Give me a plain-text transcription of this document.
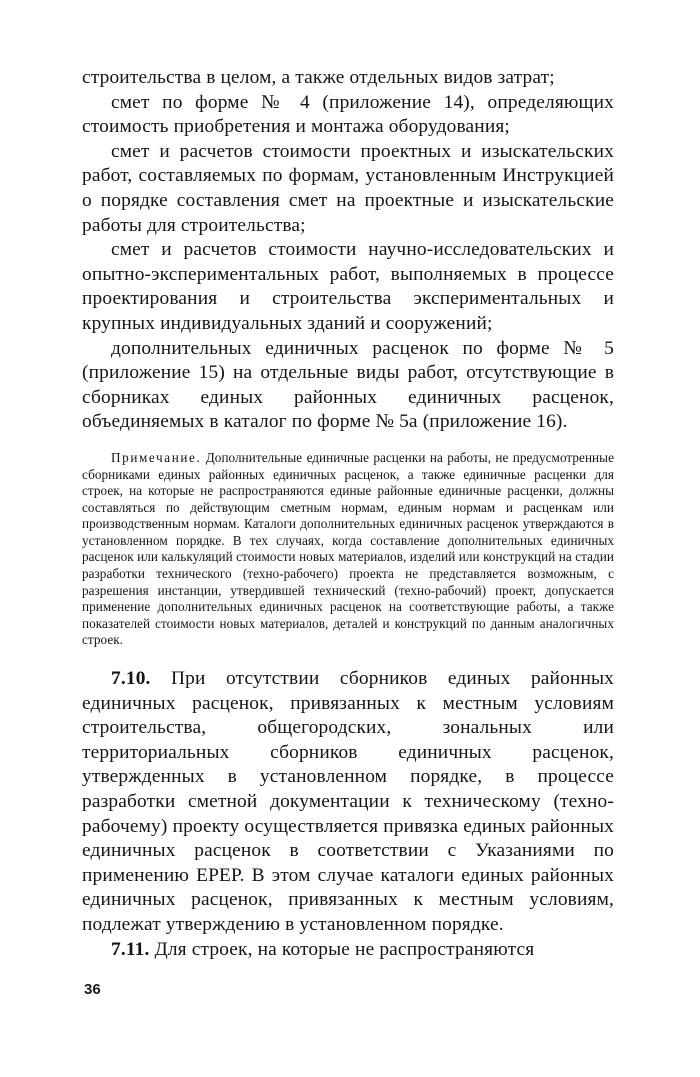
строительства в целом, а также отдельных видов затрат;

смет по форме № 4 (приложение 14), определяющих стоимость приобретения и монтажа оборудования;

смет и расчетов стоимости проектных и изыскательских работ, составляемых по формам, установленным Инструкцией о порядке составления смет на проектные и изыскательские работы для строительства;

смет и расчетов стоимости научно-исследовательских и опытно-экспериментальных работ, выполняемых в процессе проектирования и строительства экспериментальных и крупных индивидуальных зданий и сооружений;

дополнительных единичных расценок по форме № 5 (приложение 15) на отдельные виды работ, отсутствующие в сборниках единых районных единичных расценок, объединяемых в каталог по форме № 5а (приложение 16).

Примечание. Дополнительные единичные расценки на работы, не предусмотренные сборниками единых районных единичных расценок, а также единичные расценки для строек, на которые не распространяются единые районные единичные расценки, должны составляться по действующим сметным нормам, единым нормам и расценкам или производственным нормам. Каталоги дополнительных единичных расценок утверждаются в установленном порядке. В тех случаях, когда составление дополнительных единичных расценок или калькуляций стоимости новых материалов, изделий или конструкций на стадии разработки технического (техно-рабочего) проекта не представляется возможным, с разрешения инстанции, утвердившей технический (техно-рабочий) проект, допускается применение дополнительных единичных расценок на соответствующие работы, а также показателей стоимости новых материалов, деталей и конструкций по данным аналогичных строек.

7.10. При отсутствии сборников единых районных единичных расценок, привязанных к местным условиям строительства, общегородских, зональных или территориальных сборников единичных расценок, утвержденных в установленном порядке, в процессе разработки сметной документации к техническому (техно-рабочему) проекту осуществляется привязка единых районных единичных расценок в соответствии с Указаниями по применению ЕРЕР. В этом случае каталоги единых районных единичных расценок, привязанных к местным условиям, подлежат утверждению в установленном порядке.

7.11. Для строек, на которые не распространяются

36
